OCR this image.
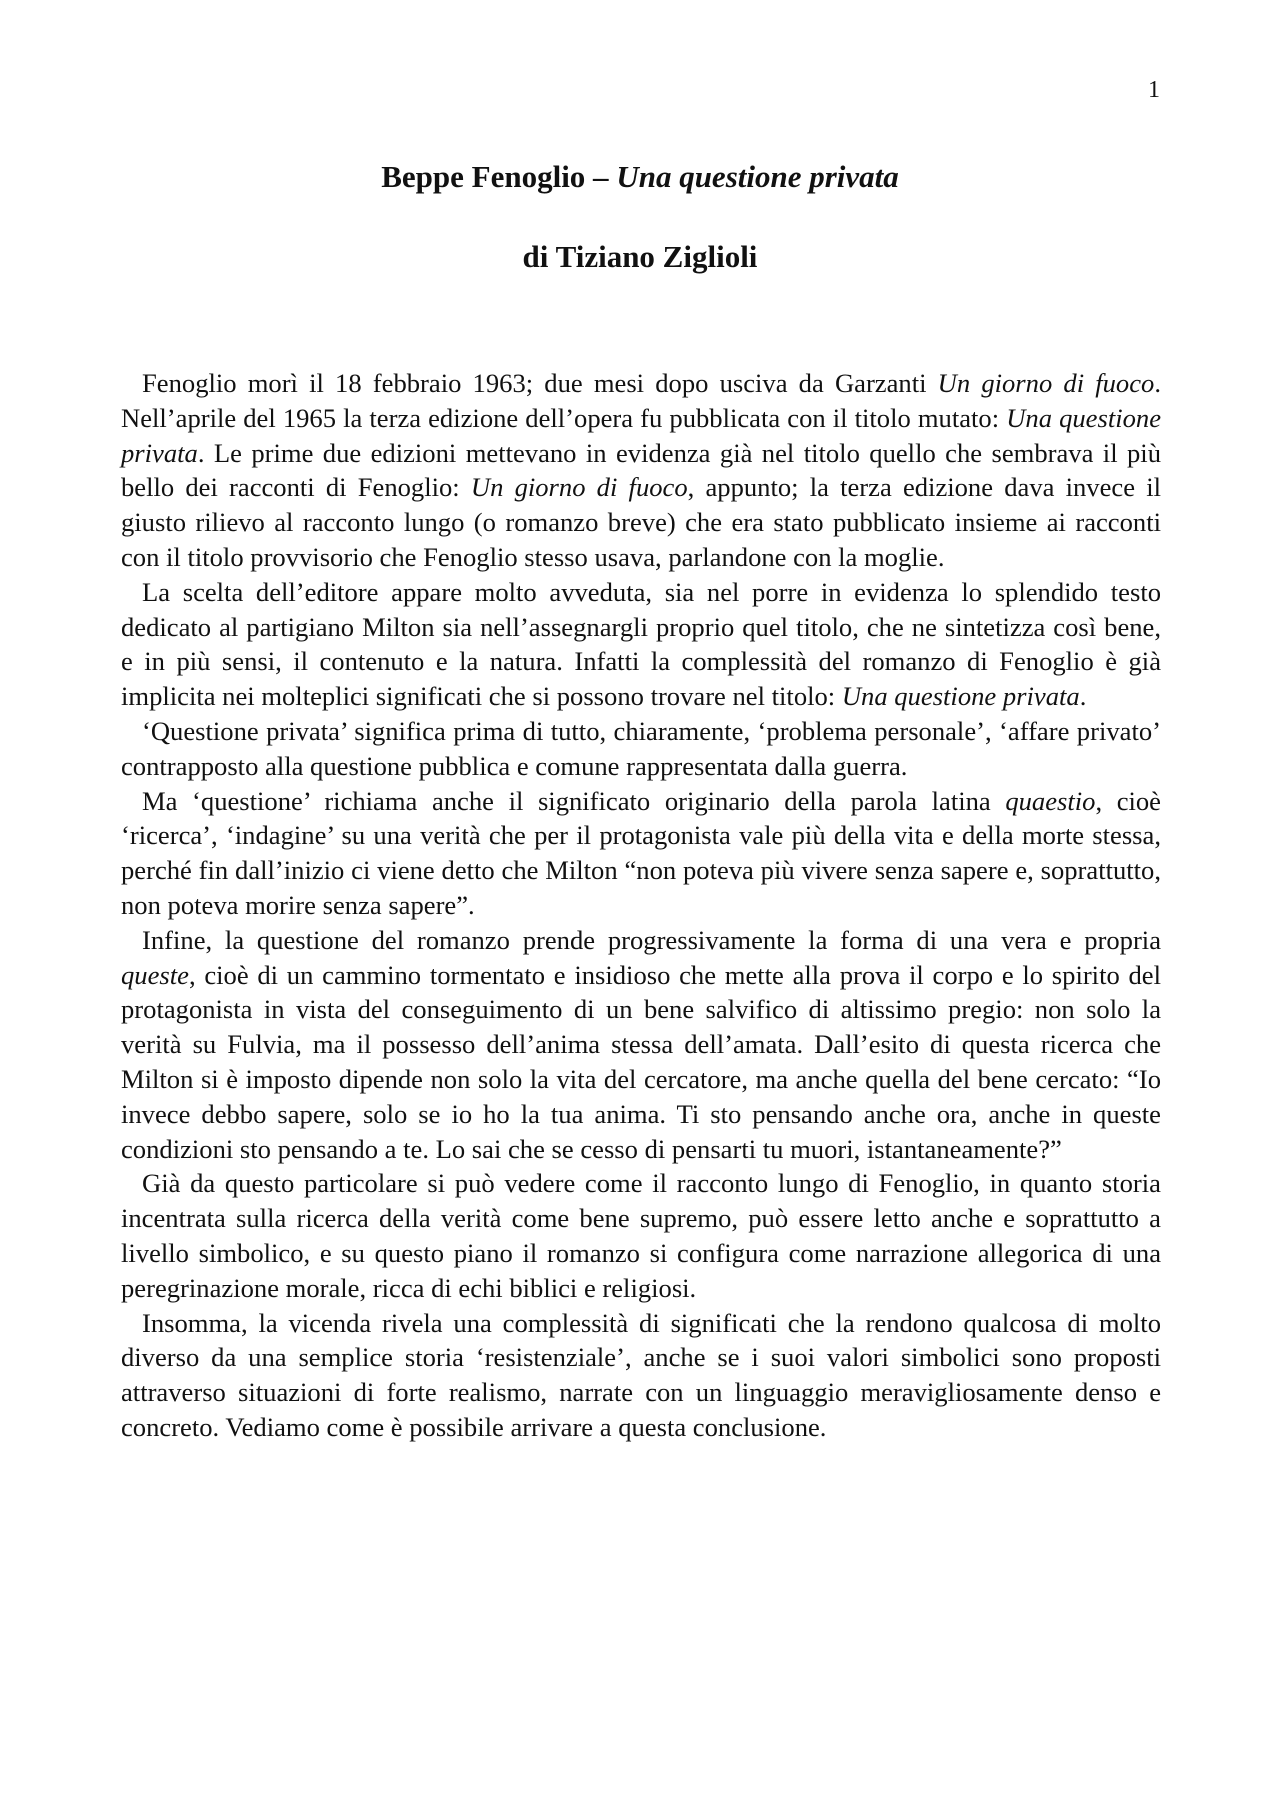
1
Beppe Fenoglio – Una questione privata
di Tiziano Ziglioli

Fenoglio morì il 18 febbraio 1963; due mesi dopo usciva da Garzanti Un giorno di fuoco. Nell’aprile del 1965 la terza edizione dell’opera fu pubblicata con il titolo mutato: Una questione privata. Le prime due edizioni mettevano in evidenza già nel titolo quello che sembrava il più bello dei racconti di Fenoglio: Un giorno di fuoco, appunto; la terza edizione dava invece il giusto rilievo al racconto lungo (o romanzo breve) che era stato pubblicato insieme ai racconti con il titolo provvisorio che Fenoglio stesso usava, parlandone con la moglie.

La scelta dell’editore appare molto avveduta, sia nel porre in evidenza lo splendido testo dedicato al partigiano Milton sia nell’assegnargli proprio quel titolo, che ne sintetizza così bene, e in più sensi, il contenuto e la natura. Infatti la complessità del romanzo di Fenoglio è già implicita nei molteplici significati che si possono trovare nel titolo: Una questione privata.

‘Questione privata’ significa prima di tutto, chiaramente, ‘problema personale’, ‘affare privato’ contrapposto alla questione pubblica e comune rappresentata dalla guerra.

Ma ‘questione’ richiama anche il significato originario della parola latina quaestio, cioè ‘ricerca’, ‘indagine’ su una verità che per il protagonista vale più della vita e della morte stessa, perché fin dall’inizio ci viene detto che Milton “non poteva più vivere senza sapere e, soprattutto, non poteva morire senza sapere”.

Infine, la questione del romanzo prende progressivamente la forma di una vera e propria queste, cioè di un cammino tormentato e insidioso che mette alla prova il corpo e lo spirito del protagonista in vista del conseguimento di un bene salvifico di altissimo pregio: non solo la verità su Fulvia, ma il possesso dell’anima stessa dell’amata. Dall’esito di questa ricerca che Milton si è imposto dipende non solo la vita del cercatore, ma anche quella del bene cercato: “Io invece debbo sapere, solo se io ho la tua anima. Ti sto pensando anche ora, anche in queste condizioni sto pensando a te. Lo sai che se cesso di pensarti tu muori, istantaneamente?”

Già da questo particolare si può vedere come il racconto lungo di Fenoglio, in quanto storia incentrata sulla ricerca della verità come bene supremo, può essere letto anche e soprattutto a livello simbolico, e su questo piano il romanzo si configura come narrazione allegorica di una peregrinazione morale, ricca di echi biblici e religiosi.

Insomma, la vicenda rivela una complessità di significati che la rendono qualcosa di molto diverso da una semplice storia ‘resistenziale’, anche se i suoi valori simbolici sono proposti attraverso situazioni di forte realismo, narrate con un linguaggio meravigliosamente denso e concreto. Vediamo come è possibile arrivare a questa conclusione.
